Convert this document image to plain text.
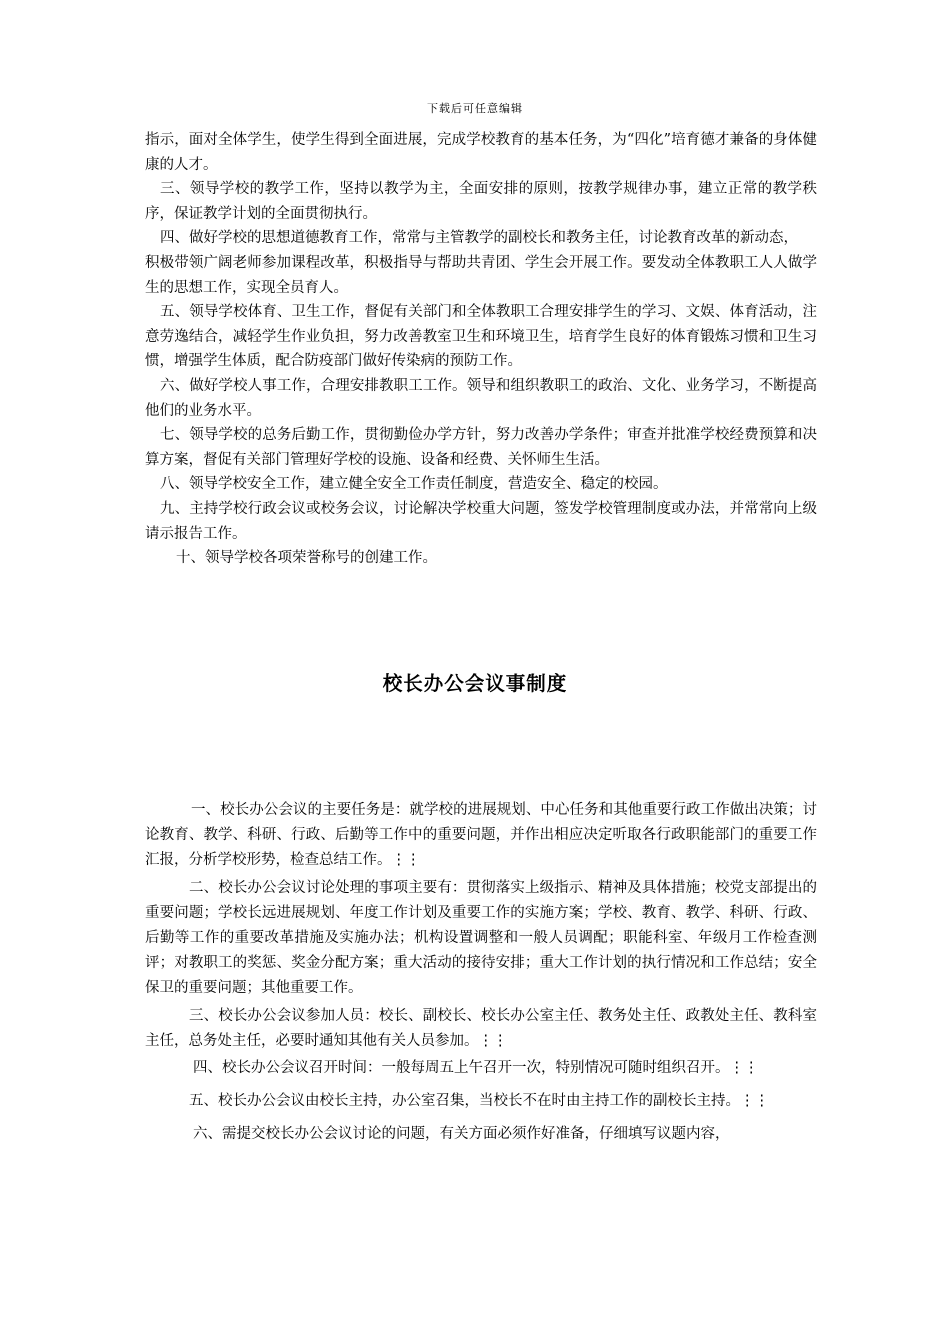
下载后可任意编辑

指示，面对全体学生，使学生得到全面进展，完成学校教育的基本任务，为“四化”培育德才兼备的身体健康的人才。

三、领导学校的教学工作，坚持以教学为主，全面安排的原则，按教学规律办事，建立正常的教学秩序，保证教学计划的全面贯彻执行。

四、做好学校的思想道德教育工作，常常与主管教学的副校长和教务主任，讨论教育改革的新动态，

积极带领广阔老师参加课程改革，积极指导与帮助共青团、学生会开展工作。要发动全体教职工人人做学生的思想工作，实现全员育人。

五、领导学校体育、卫生工作，督促有关部门和全体教职工合理安排学生的学习、文娱、体育活动，注意劳逸结合，减轻学生作业负担，努力改善教室卫生和环境卫生，培育学生良好的体育锻炼习惯和卫生习惯，增强学生体质，配合防疫部门做好传染病的预防工作。

六、做好学校人事工作，合理安排教职工工作。领导和组织教职工的政治、文化、业务学习，不断提高他们的业务水平。

七、领导学校的总务后勤工作，贯彻勤俭办学方针，努力改善办学条件；审查并批准学校经费预算和决算方案，督促有关部门管理好学校的设施、设备和经费、关怀师生生活。

八、领导学校安全工作，建立健全安全工作责任制度，营造安全、稳定的校园。

九、主持学校行政会议或校务会议，讨论解决学校重大问题，签发学校管理制度或办法，并常常向上级请示报告工作。

十、领导学校各项荣誉称号的创建工作。

校长办公会议事制度

一、校长办公会议的主要任务是：就学校的进展规划、中心任务和其他重要行政工作做出决策；讨论教育、教学、科研、行政、后勤等工作中的重要问题，并作出相应决定听取各行政职能部门的重要工作汇报，分析学校形势，检查总结工作。⋮⋮

二、校长办公会议讨论处理的事项主要有：贯彻落实上级指示、精神及具体措施；校党支部提出的重要问题；学校长远进展规划、年度工作计划及重要工作的实施方案；学校、教育、教学、科研、行政、后勤等工作的重要改革措施及实施办法；机构设置调整和一般人员调配；职能科室、年级月工作检查测评；对教职工的奖惩、奖金分配方案；重大活动的接待安排；重大工作计划的执行情况和工作总结；安全保卫的重要问题；其他重要工作。

三、校长办公会议参加人员：校长、副校长、校长办公室主任、教务处主任、政教处主任、教科室主任，总务处主任，必要时通知其他有关人员参加。⋮⋮

四、校长办公会议召开时间：一般每周五上午召开一次，特别情况可随时组织召开。⋮⋮

五、校长办公会议由校长主持，办公室召集，当校长不在时由主持工作的副校长主持。⋮⋮

六、需提交校长办公会议讨论的问题，有关方面必须作好准备，仔细填写议题内容，
